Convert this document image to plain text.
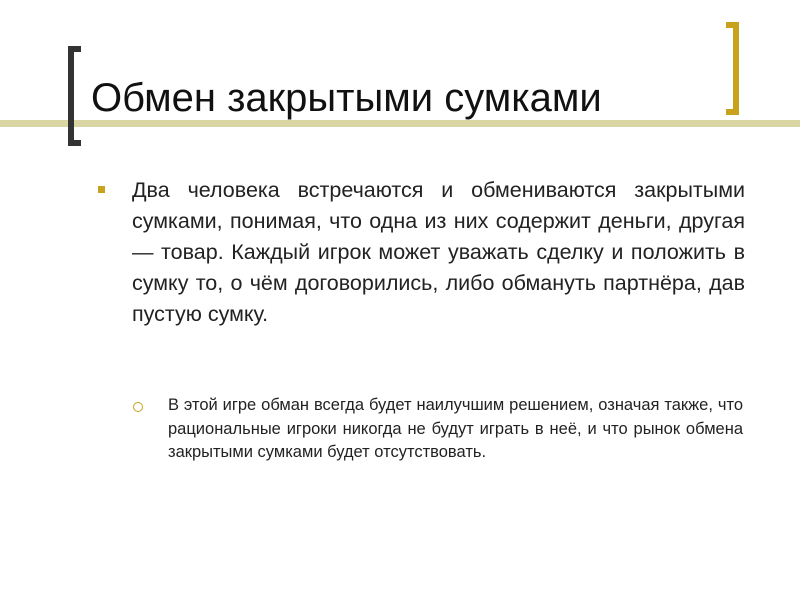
Обмен закрытыми сумками

Два человека встречаются и обмениваются закрытыми сумками, понимая, что одна из них содержит деньги, другая — товар. Каждый игрок может уважать сделку и положить в сумку то, о чём договорились, либо обмануть партнёра, дав пустую сумку.

В этой игре обман всегда будет наилучшим решением, означая также, что рациональные игроки никогда не будут играть в неё, и что рынок обмена закрытыми сумками будет отсутствовать.
